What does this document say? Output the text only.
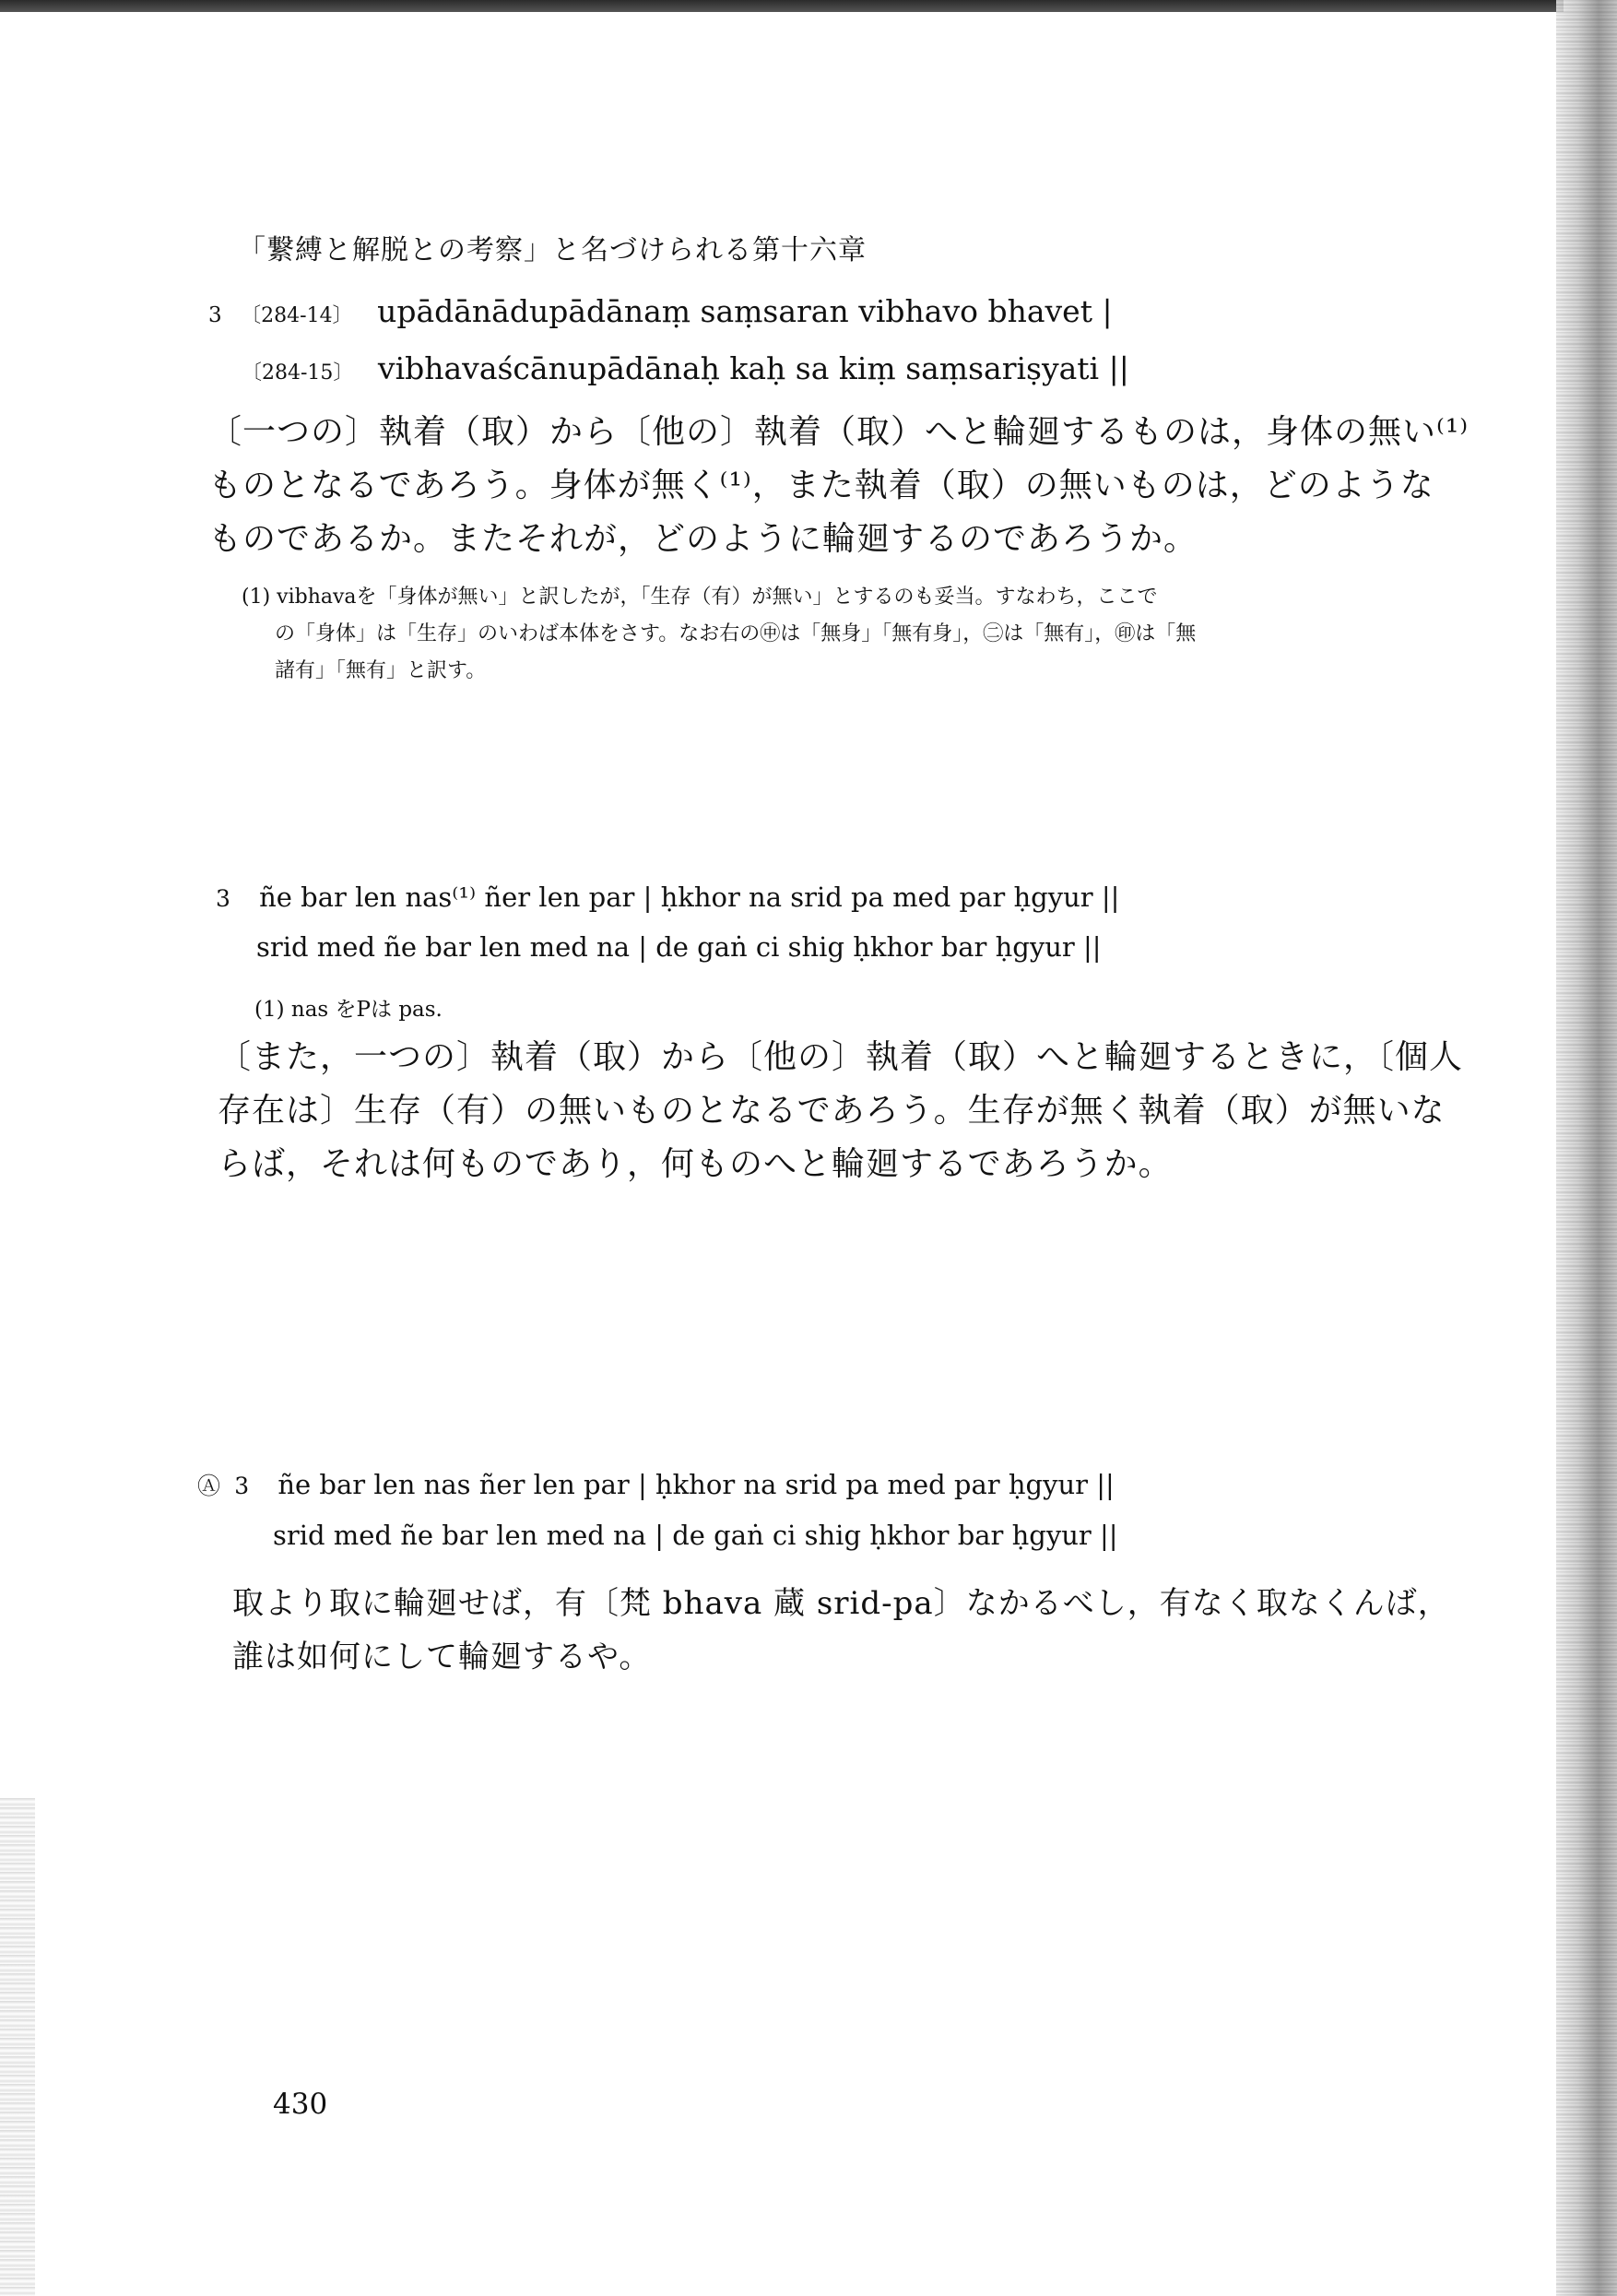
「繋縛と解脱との考察」と名づけられる第十六章
3 〔284-14〕 upādānādupādānaṃ saṃsaran vibhavo bhavet |
〔284-15〕 vibhavaścānupādānaḥ kaḥ sa kiṃ saṃsariṣyati ||
〔一つの〕執着（取）から〔他の〕執着（取）へと輪廻するものは，身体の無い⁽¹⁾
ものとなるであろう。身体が無く⁽¹⁾，また執着（取）の無いものは，どのような
ものであるか。またそれが，どのように輪廻するのであろうか。
(1) vibhavaを「身体が無い」と訳したが，「生存（有）が無い」とするのも妥当。すなわち，ここで
の「身体」は「生存」のいわば本体をさす。なお右の㊥は「無身」「無有身」，㊁は「無有」，㊞は「無
諸有」「無有」と訳す。
3 ñe bar len nas⁽¹⁾ ñer len par | ḥkhor na srid pa med par ḥgyur ||
srid med ñe bar len med na | de gaṅ ci shig ḥkhor bar ḥgyur ||
(1) nas をPは pas.
〔また，一つの〕執着（取）から〔他の〕執着（取）へと輪廻するときに，〔個人
存在は〕生存（有）の無いものとなるであろう。生存が無く執着（取）が無いな
らば，それは何ものであり，何ものへと輪廻するであろうか。
Ⓐ 3 ñe bar len nas ñer len par | ḥkhor na srid pa med par ḥgyur ||
srid med ñe bar len med na | de gaṅ ci shig ḥkhor bar ḥgyur ||
取より取に輪廻せば，有〔梵 bhava 蔵 srid-pa〕なかるべし，有なく取なくんば，
誰は如何にして輪廻するや。
430
